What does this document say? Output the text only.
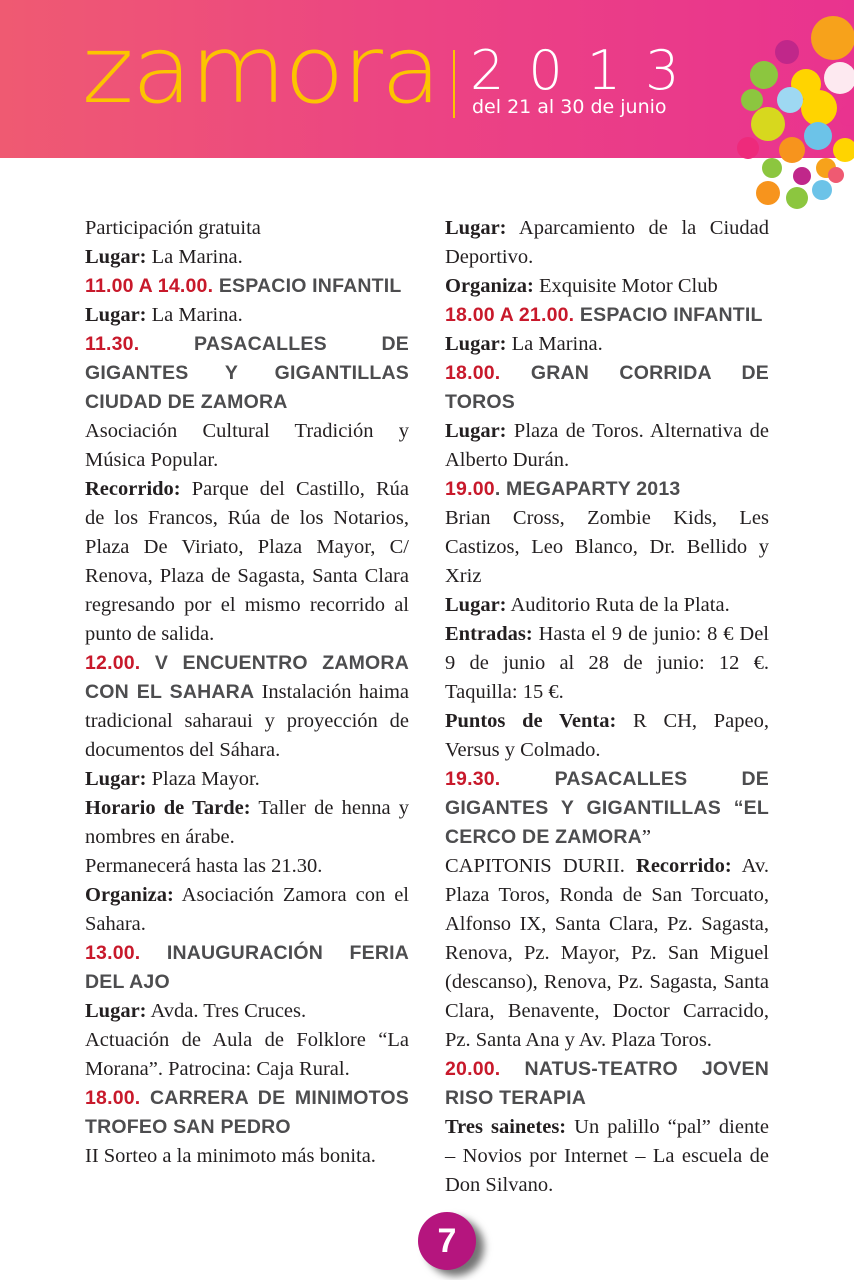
zamora 2013
del 21 al 30 de junio

Participación gratuita

Lugar: La Marina.

11.00 A 14.00. ESPACIO INFANTIL

Lugar: La Marina.

11.30. PASACALLES DE GIGANTES Y GIGANTILLAS CIUDAD DE ZAMORA

Asociación Cultural Tradición y Música Popular.

Recorrido: Parque del Castillo, Rúa de los Francos, Rúa de los Notarios, Plaza De Viriato, Plaza Mayor, C/ Renova, Plaza de Sagasta, Santa Clara regresando por el mismo recorrido al punto de salida.

12.00. V ENCUENTRO ZAMORA CON EL SAHARA Instalación haima tradicional saharaui y proyección de documentos del Sáhara.

Lugar: Plaza Mayor.

Horario de Tarde: Taller de henna y nombres en árabe.

Permanecerá hasta las 21.30.

Organiza: Asociación Zamora con el Sahara.

13.00. INAUGURACIÓN FERIA DEL AJO

Lugar: Avda. Tres Cruces.

Actuación de Aula de Folklore “La Morana”. Patrocina: Caja Rural.

18.00. CARRERA DE MINIMOTOS TROFEO SAN PEDRO

II Sorteo a la minimoto más bonita.

Lugar: Aparcamiento de la Ciudad Deportivo.

Organiza: Exquisite Motor Club

18.00 A 21.00. ESPACIO INFANTIL

Lugar: La Marina.

18.00. GRAN CORRIDA DE TOROS

Lugar: Plaza de Toros. Alternativa de Alberto Durán.

19.00. MEGAPARTY 2013

Brian Cross, Zombie Kids, Les Castizos, Leo Blanco, Dr. Bellido y Xriz

Lugar: Auditorio Ruta de la Plata.

Entradas: Hasta el 9 de junio: 8 € Del 9 de junio al 28 de junio: 12 €. Taquilla: 15 €.

Puntos de Venta: R CH, Papeo, Versus y Colmado.

19.30. PASACALLES DE GIGANTES Y GIGANTILLAS “EL CERCO DE ZAMORA”

CAPITONIS DURII. Recorrido: Av. Plaza Toros, Ronda de San Torcuato, Alfonso IX, Santa Clara, Pz. Sagasta, Renova, Pz. Mayor, Pz. San Miguel (descanso), Renova, Pz. Sagasta, Santa Clara, Benavente, Doctor Carracido, Pz. Santa Ana y Av. Plaza Toros.

20.00. NATUS-TEATRO JOVEN RISO TERAPIA

Tres sainetes: Un palillo “pal” diente – Novios por Internet – La escuela de Don Silvano.

7
